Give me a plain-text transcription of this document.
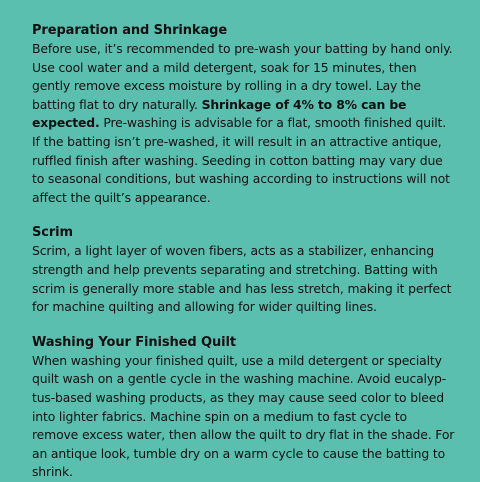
Preparation and Shrinkage

Before use, it’s recommended to pre-wash your batting by hand only. Use cool water and a mild detergent, soak for 15 minutes, then gently remove excess moisture by rolling in a dry towel. Lay the batting flat to dry naturally. Shrinkage of 4% to 8% can be expected. Pre-washing is advisable for a flat, smooth finished quilt. If the batting isn’t pre-washed, it will result in an attractive antique, ruffled finish after washing. Seeding in cotton batting may vary due to seasonal conditions, but washing according to instructions will not affect the quilt’s appearance.

Scrim

Scrim, a light layer of woven fibers, acts as a stabilizer, enhancing strength and help prevents separating and stretching. Batting with scrim is generally more stable and has less stretch, making it perfect for machine quilting and allowing for wider quilting lines.

Washing Your Finished Quilt

When washing your finished quilt, use a mild detergent or specialty quilt wash on a gentle cycle in the washing machine. Avoid eucalyp-tus-based washing products, as they may cause seed color to bleed into lighter fabrics. Machine spin on a medium to fast cycle to remove excess water, then allow the quilt to dry flat in the shade. For an antique look, tumble dry on a warm cycle to cause the batting to shrink.
